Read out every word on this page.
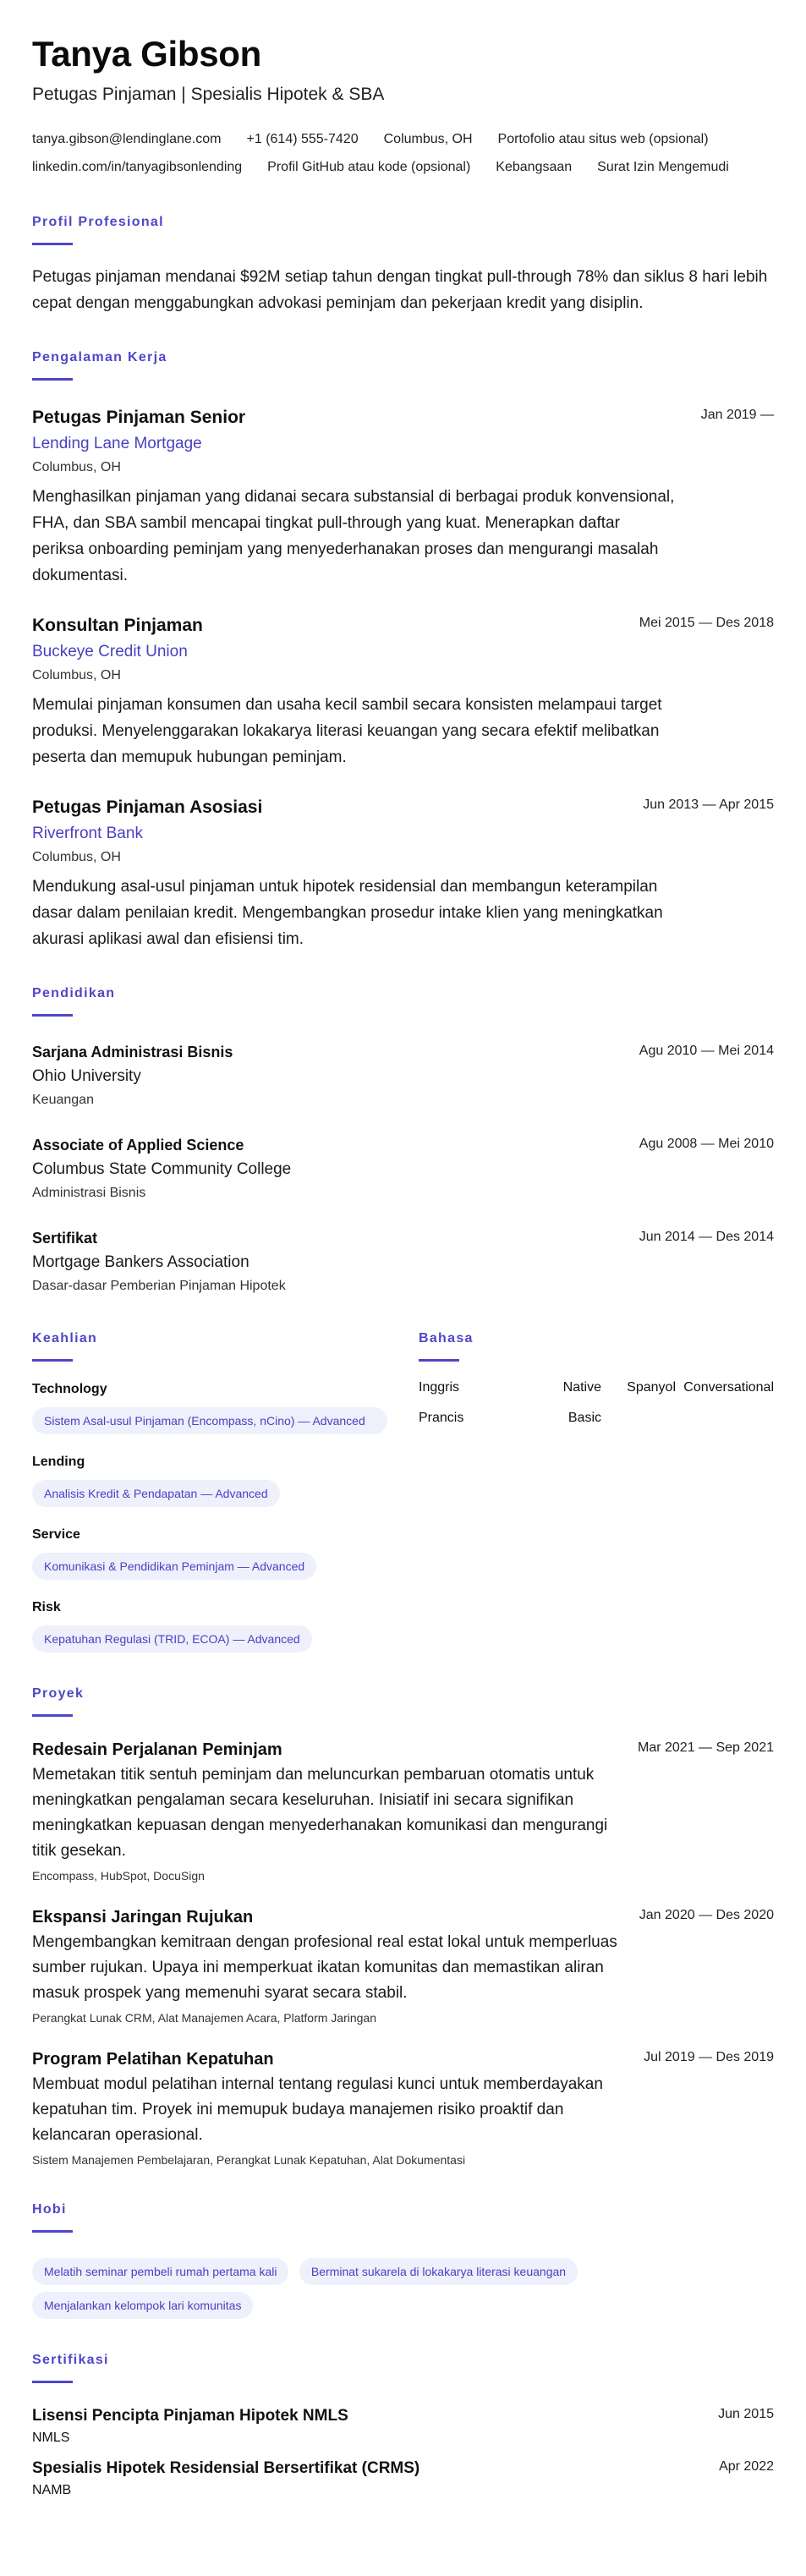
Tanya Gibson
Petugas Pinjaman | Spesialis Hipotek & SBA
tanya.gibson@lendinglane.com +1 (614) 555-7420 Columbus, OH Portofolio atau situs web (opsional)
linkedin.com/in/tanyagibsonlending Profil GitHub atau kode (opsional) Kebangsaan Surat Izin Mengemudi
Profil Profesional

Petugas pinjaman mendanai $92M setiap tahun dengan tingkat pull-through 78% dan siklus 8 hari lebih cepat dengan menggabungkan advokasi peminjam dan pekerjaan kredit yang disiplin.

Pengalaman Kerja
Petugas Pinjaman Senior	Jan 2019 —
Lending Lane Mortgage
Columbus, OH

Menghasilkan pinjaman yang didanai secara substansial di berbagai produk konvensional, FHA, dan SBA sambil mencapai tingkat pull-through yang kuat. Menerapkan daftar periksa onboarding peminjam yang menyederhanakan proses dan mengurangi masalah dokumentasi.

Konsultan Pinjaman	Mei 2015 — Des 2018
Buckeye Credit Union
Columbus, OH

Memulai pinjaman konsumen dan usaha kecil sambil secara konsisten melampaui target produksi. Menyelenggarakan lokakarya literasi keuangan yang secara efektif melibatkan peserta dan memupuk hubungan peminjam.

Petugas Pinjaman Asosiasi	Jun 2013 — Apr 2015
Riverfront Bank
Columbus, OH

Mendukung asal-usul pinjaman untuk hipotek residensial dan membangun keterampilan dasar dalam penilaian kredit. Mengembangkan prosedur intake klien yang meningkatkan akurasi aplikasi awal dan efisiensi tim.

Pendidikan
Sarjana Administrasi Bisnis	Agu 2010 — Mei 2014
Ohio University
Keuangan
Associate of Applied Science	Agu 2008 — Mei 2010
Columbus State Community College
Administrasi Bisnis
Sertifikat	Jun 2014 — Des 2014
Mortgage Bankers Association
Dasar-dasar Pemberian Pinjaman Hipotek
Keahlian
Technology
Sistem Asal-usul Pinjaman (Encompass, nCino) — Advanced
Lending
Analisis Kredit & Pendapatan — Advanced
Service
Komunikasi & Pendidikan Peminjam — Advanced
Risk
Kepatuhan Regulasi (TRID, ECOA) — Advanced
Bahasa
Inggris	Native	Spanyol Conversational
Prancis	Basic
Proyek
Redesain Perjalanan Peminjam	Mar 2021 — Sep 2021

Memetakan titik sentuh peminjam dan meluncurkan pembaruan otomatis untuk meningkatkan pengalaman secara keseluruhan. Inisiatif ini secara signifikan meningkatkan kepuasan dengan menyederhanakan komunikasi dan mengurangi titik gesekan.

Encompass, HubSpot, DocuSign
Ekspansi Jaringan Rujukan	Jan 2020 — Des 2020

Mengembangkan kemitraan dengan profesional real estat lokal untuk memperluas sumber rujukan. Upaya ini memperkuat ikatan komunitas dan memastikan aliran masuk prospek yang memenuhi syarat secara stabil.

Perangkat Lunak CRM, Alat Manajemen Acara, Platform Jaringan
Program Pelatihan Kepatuhan	Jul 2019 — Des 2019

Membuat modul pelatihan internal tentang regulasi kunci untuk memberdayakan kepatuhan tim. Proyek ini memupuk budaya manajemen risiko proaktif dan kelancaran operasional.

Sistem Manajemen Pembelajaran, Perangkat Lunak Kepatuhan, Alat Dokumentasi
Hobi
Melatih seminar pembeli rumah pertama kali	Berminat sukarela di lokakarya literasi keuangan Menjalankan kelompok lari komunitas
Sertifikasi
Lisensi Pencipta Pinjaman Hipotek NMLS	Jun 2015
NMLS
Spesialis Hipotek Residensial Bersertifikat (CRMS)	Apr 2022
NAMB
